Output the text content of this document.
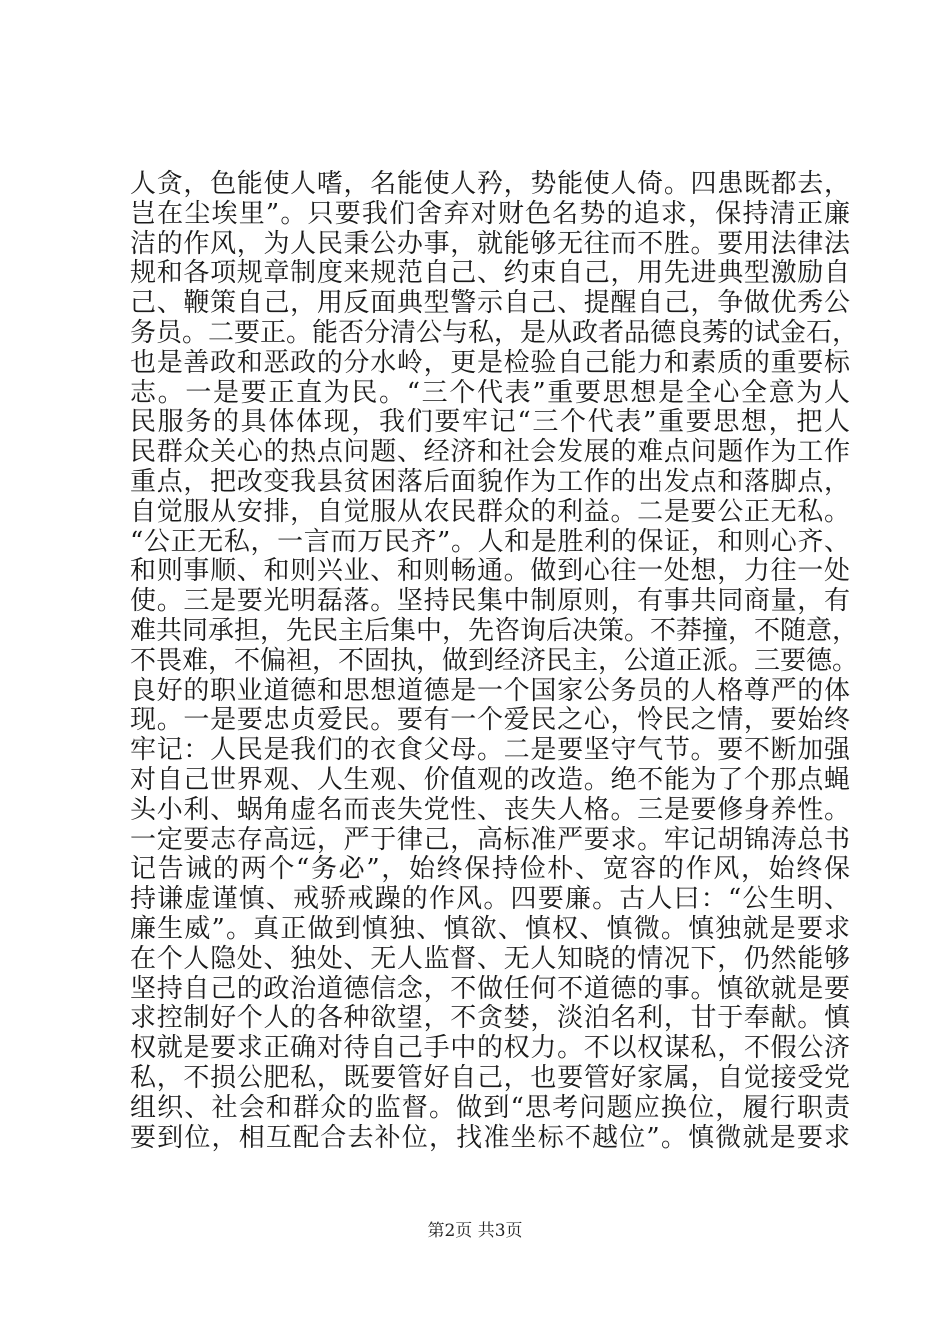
人贪，色能使人嗜，名能使人矜，势能使人倚。四患既都去，
岂在尘埃里”。只要我们舍弃对财色名势的追求，保持清正廉
洁的作风，为人民秉公办事，就能够无往而不胜。要用法律法
规和各项规章制度来规范自己、约束自己，用先进典型激励自
己、鞭策自己，用反面典型警示自己、提醒自己，争做优秀公
务员。二要正。能否分清公与私，是从政者品德良莠的试金石，
也是善政和恶政的分水岭，更是检验自己能力和素质的重要标
志。一是要正直为民。“三个代表”重要思想是全心全意为人
民服务的具体体现，我们要牢记“三个代表”重要思想，把人
民群众关心的热点问题、经济和社会发展的难点问题作为工作
重点，把改变我县贫困落后面貌作为工作的出发点和落脚点，
自觉服从安排，自觉服从农民群众的利益。二是要公正无私。
“公正无私，一言而万民齐”。人和是胜利的保证，和则心齐、
和则事顺、和则兴业、和则畅通。做到心往一处想，力往一处
使。三是要光明磊落。坚持民集中制原则，有事共同商量，有
难共同承担，先民主后集中，先咨询后决策。不莽撞，不随意，
不畏难，不偏袒，不固执，做到经济民主，公道正派。三要德。
良好的职业道德和思想道德是一个国家公务员的人格尊严的体
现。一是要忠贞爱民。要有一个爱民之心，怜民之情，要始终
牢记：人民是我们的衣食父母。二是要坚守气节。要不断加强
对自己世界观、人生观、价值观的改造。绝不能为了个那点蝇
头小利、蜗角虚名而丧失党性、丧失人格。三是要修身养性。
一定要志存高远，严于律己，高标准严要求。牢记胡锦涛总书
记告诫的两个“务必”，始终保持俭朴、宽容的作风，始终保
持谦虚谨慎、戒骄戒躁的作风。四要廉。古人曰：“公生明、
廉生威”。真正做到慎独、慎欲、慎权、慎微。慎独就是要求
在个人隐处、独处、无人监督、无人知晓的情况下，仍然能够
坚持自己的政治道德信念，不做任何不道德的事。慎欲就是要
求控制好个人的各种欲望，不贪婪，淡泊名利，甘于奉献。慎
权就是要求正确对待自己手中的权力。不以权谋私，不假公济
私，不损公肥私，既要管好自己，也要管好家属，自觉接受党
组织、社会和群众的监督。做到“思考问题应换位，履行职责
要到位，相互配合去补位，找准坐标不越位”。慎微就是要求
第2页 共3页
